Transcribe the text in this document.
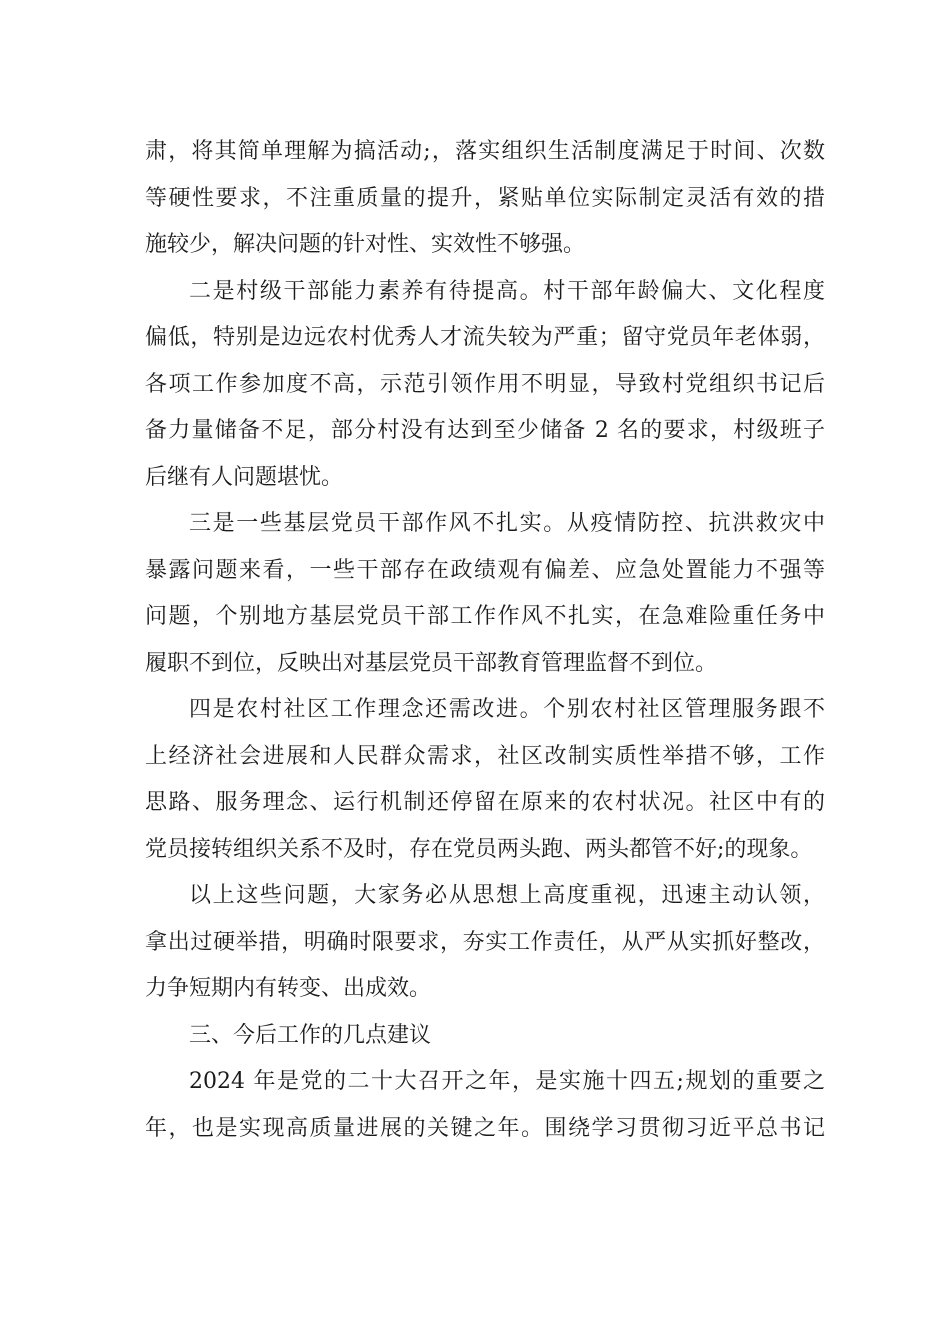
肃，将其简单理解为搞活动;，落实组织生活制度满足于时间、次数
等硬性要求，不注重质量的提升，紧贴单位实际制定灵活有效的措
施较少，解决问题的针对性、实效性不够强。
二是村级干部能力素养有待提高。村干部年龄偏大、文化程度
偏低，特别是边远农村优秀人才流失较为严重；留守党员年老体弱，
各项工作参加度不高，示范引领作用不明显，导致村党组织书记后
备力量储备不足，部分村没有达到至少储备 2 名的要求，村级班子
后继有人问题堪忧。
三是一些基层党员干部作风不扎实。从疫情防控、抗洪救灾中
暴露问题来看，一些干部存在政绩观有偏差、应急处置能力不强等
问题，个别地方基层党员干部工作作风不扎实，在急难险重任务中
履职不到位，反映出对基层党员干部教育管理监督不到位。
四是农村社区工作理念还需改进。个别农村社区管理服务跟不
上经济社会进展和人民群众需求，社区改制实质性举措不够，工作
思路、服务理念、运行机制还停留在原来的农村状况。社区中有的
党员接转组织关系不及时，存在党员两头跑、两头都管不好;的现象。
以上这些问题，大家务必从思想上高度重视，迅速主动认领，
拿出过硬举措，明确时限要求，夯实工作责任，从严从实抓好整改，
力争短期内有转变、出成效。
三、今后工作的几点建议
2024 年是党的二十大召开之年，是实施十四五;规划的重要之
年，也是实现高质量进展的关键之年。围绕学习贯彻习近平总书记
